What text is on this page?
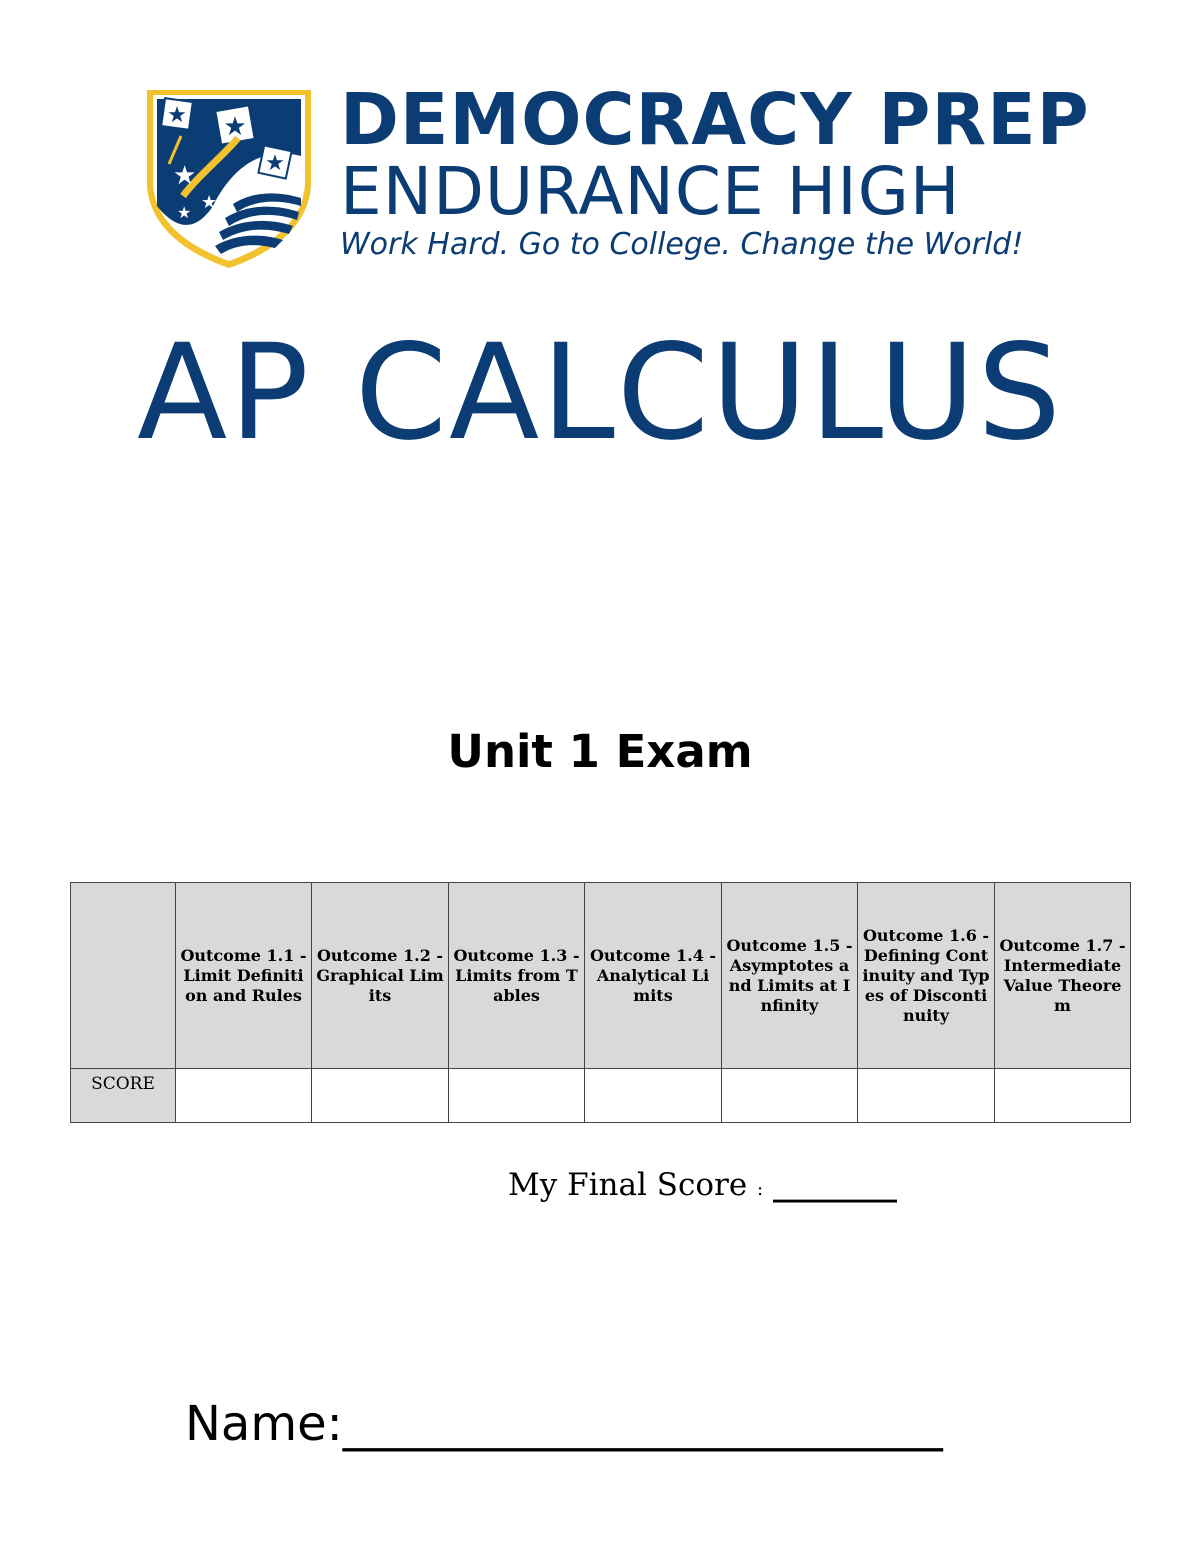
★ ★
★
★
★
★
DEMOCRACY PREP
ENDURANCE HIGH
Work Hard. Go to College. Change the World!
AP CALCULUS
Unit 1 Exam
	Outcome 1.1 - Limit Definition and Rules	Outcome 1.2 - Graphical Limits	Outcome 1.3 - Limits from Tables	Outcome 1.4 - Analytical Limits	Outcome 1.5 - Asymptotes and Limits at Infinity	Outcome 1.6 - Defining Continuity and Types of Discontinuity	Outcome 1.7 - Intermediate Value Theorem
SCORE							
My Final Score : ________
Name:_________________________
